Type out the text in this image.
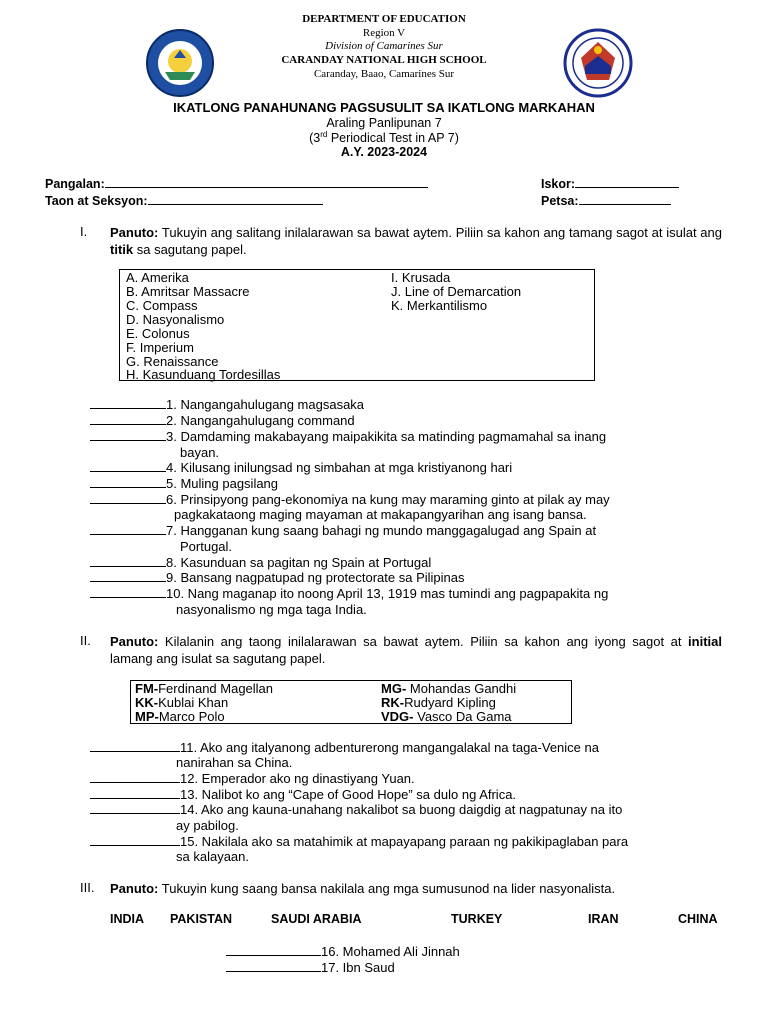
DEPARTMENT OF EDUCATION
Region V
Division of Camarines Sur
CARANDAY NATIONAL HIGH SCHOOL
Caranday, Baao, Camarines Sur
IKATLONG PANAHUNANG PAGSUSULIT SA IKATLONG MARKAHAN
Araling Panlipunan 7
(3rd Periodical Test in AP 7)
A.Y. 2023-2024
Pangalan:
Taon at Seksyon:
Iskor:
Petsa:
I. Panuto: Tukuyin ang salitang inilalarawan sa bawat aytem. Piliin sa kahon ang tamang sagot at isulat ang titik sa sagutang papel.
A. Amerika
B. Amritsar Massacre
C. Compass
D. Nasyonalismo
E. Colonus
F. Imperium
G. Renaissance
H. Kasunduang Tordesillas
I. Krusada
J. Line of Demarcation
K. Merkantilismo
1. Nangangahulugang magsasaka
2. Nangangahulugang command
3. Damdaming makabayang maipakikita sa matinding pagmamahal sa inang
bayan.
4. Kilusang inilungsad ng simbahan at mga kristiyanong hari
5. Muling pagsilang
6. Prinsipyong pang-ekonomiya na kung may maraming ginto at pilak ay may
pagkakataong maging mayaman at makapangyarihan ang isang bansa.
7. Hangganan kung saang bahagi ng mundo manggagalugad ang Spain at
Portugal.
8. Kasunduan sa pagitan ng Spain at Portugal
9. Bansang nagpatupad ng protectorate sa Pilipinas
10. Nang maganap ito noong April 13, 1919 mas tumindi ang pagpapakita ng
nasyonalismo ng mga taga India.
II. Panuto: Kilalanin ang taong inilalarawan sa bawat aytem. Piliin sa kahon ang iyong sagot at initial lamang ang isulat sa sagutang papel.
FM-Ferdinand Magellan
KK-Kublai Khan
MP-Marco Polo
MG- Mohandas Gandhi
RK-Rudyard Kipling
VDG- Vasco Da Gama
11. Ako ang italyanong adbenturerong mangangalakal na taga-Venice na
nanirahan sa China.
12. Emperador ako ng dinastiyang Yuan.
13. Nalibot ko ang “Cape of Good Hope” sa dulo ng Africa.
14. Ako ang kauna-unahang nakalibot sa buong daigdig at nagpatunay na ito
ay pabilog.
15. Nakilala ako sa matahimik at mapayapang paraan ng pakikipaglaban para
sa kalayaan.
III. Panuto: Tukuyin kung saang bansa nakilala ang mga sumusunod na lider nasyonalista.
INDIA PAKISTAN	SAUDI ARABIA	TURKEY	IRAN	CHINA
16. Mohamed Ali Jinnah
17. Ibn Saud
